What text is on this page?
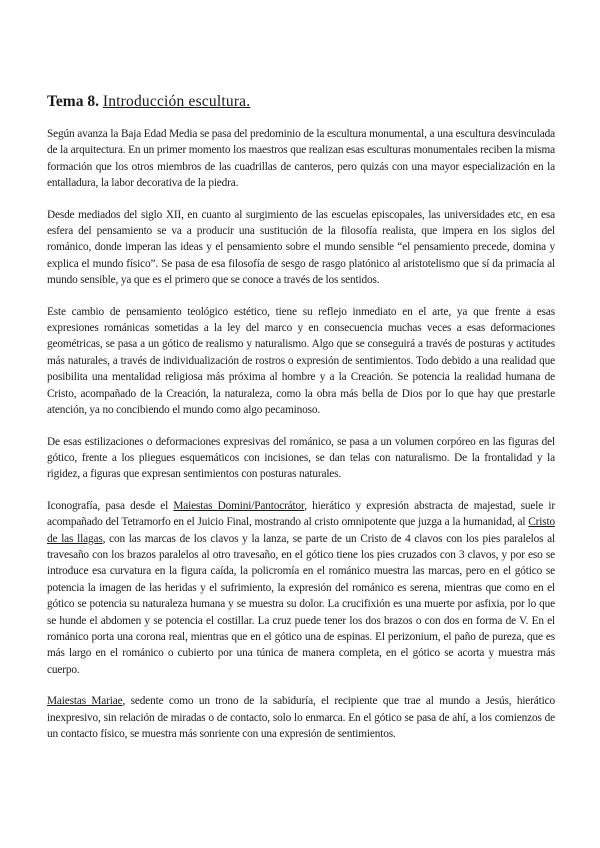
Tema 8. Introducción escultura.

Según avanza la Baja Edad Media se pasa del predominio de la escultura monumental, a una escultura desvinculada de la arquitectura. En un primer momento los maestros que realizan esas esculturas monumentales reciben la misma formación que los otros miembros de las cuadrillas de canteros, pero quizás con una mayor especialización en la entalladura, la labor decorativa de la piedra.

Desde mediados del siglo XII, en cuanto al surgimiento de las escuelas episcopales, las universidades etc, en esa esfera del pensamiento se va a producir una sustitución de la filosofía realista, que impera en los siglos del románico, donde imperan las ideas y el pensamiento sobre el mundo sensible “el pensamiento precede, domina y explica el mundo físico”. Se pasa de esa filosofía de sesgo de rasgo platónico al aristotelismo que sí da primacía al mundo sensible, ya que es el primero que se conoce a través de los sentidos.

Este cambio de pensamiento teológico estético, tiene su reflejo inmediato en el arte, ya que frente a esas expresiones románicas sometidas a la ley del marco y en consecuencia muchas veces a esas deformaciones geométricas, se pasa a un gótico de realismo y naturalismo. Algo que se conseguirá a través de posturas y actitudes más naturales, a través de individualización de rostros o expresión de sentimientos. Todo debido a una realidad que posibilita una mentalidad religiosa más próxima al hombre y a la Creación. Se potencia la realidad humana de Cristo, acompañado de la Creación, la naturaleza, como la obra más bella de Dios por lo que hay que prestarle atención, ya no concibiendo el mundo como algo pecaminoso.

De esas estilizaciones o deformaciones expresivas del románico, se pasa a un volumen corpóreo en las figuras del gótico, frente a los pliegues esquemáticos con incisiones, se dan telas con naturalismo. De la frontalidad y la rigidez, a figuras que expresan sentimientos con posturas naturales.

Iconografía, pasa desde el Maiestas Domini/Pantocrátor, hierático y expresión abstracta de majestad, suele ir acompañado del Tetramorfo en el Juicio Final, mostrando al cristo omnipotente que juzga a la humanidad, al Cristo de las llagas, con las marcas de los clavos y la lanza, se parte de un Cristo de 4 clavos con los pies paralelos al travesaño con los brazos paralelos al otro travesaño, en el gótico tiene los pies cruzados con 3 clavos, y por eso se introduce esa curvatura en la figura caída, la policromía en el románico muestra las marcas, pero en el gótico se potencia la imagen de las heridas y el sufrimiento, la expresión del románico es serena, mientras que como en el gótico se potencia su naturaleza humana y se muestra su dolor. La crucifixión es una muerte por asfixia, por lo que se hunde el abdomen y se potencia el costillar. La cruz puede tener los dos brazos o con dos en forma de V. En el románico porta una corona real, mientras que en el gótico una de espinas. El perizonium, el paño de pureza, que es más largo en el románico o cubierto por una túnica de manera completa, en el gótico se acorta y muestra más cuerpo.

Maiestas Mariae, sedente como un trono de la sabiduría, el recipiente que trae al mundo a Jesús, hierático inexpresivo, sin relación de miradas o de contacto, solo lo enmarca. En el gótico se pasa de ahí, a los comienzos de un contacto físico, se muestra más sonriente con una expresión de sentimientos.
